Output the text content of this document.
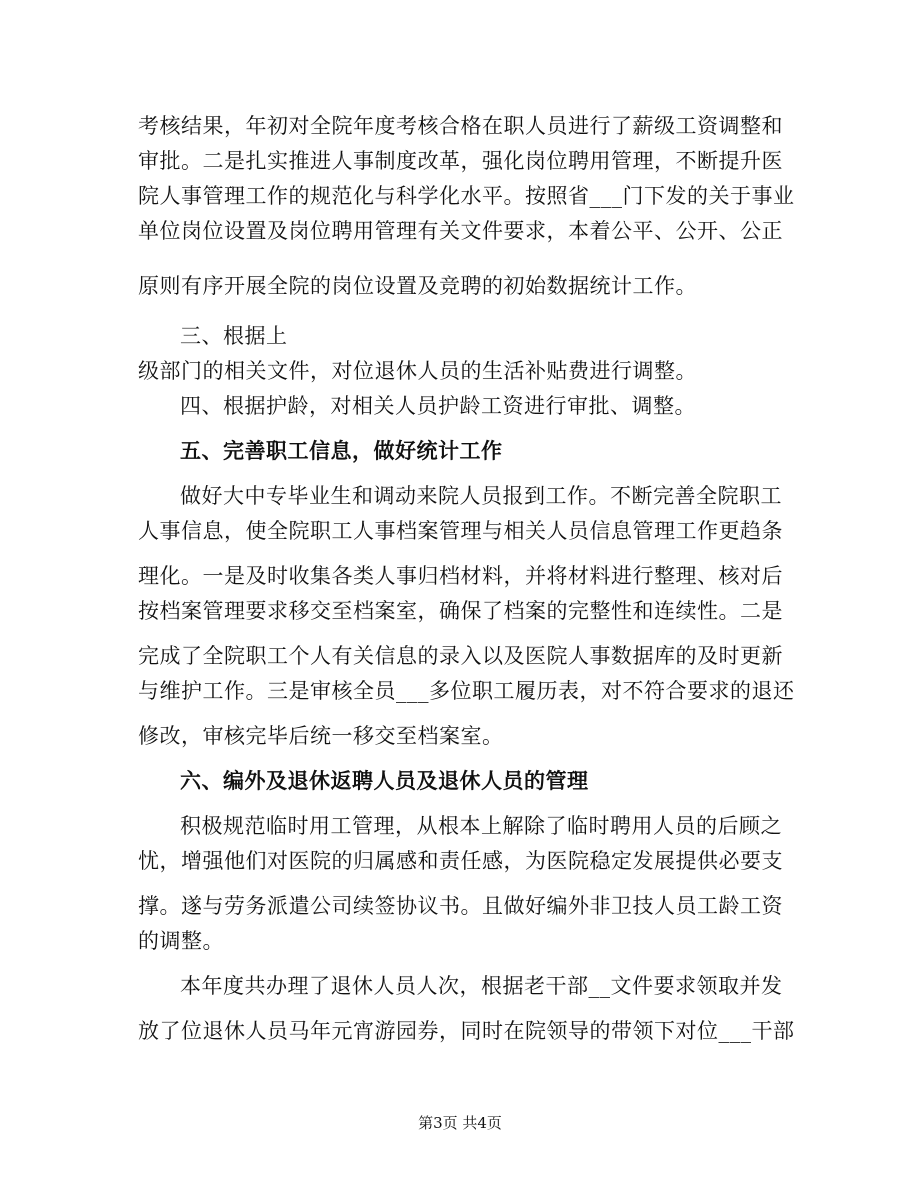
考核结果，年初对全院年度考核合格在职人员进行了薪级工资调整和
审批。二是扎实推进人事制度改革，强化岗位聘用管理，不断提升医
院人事管理工作的规范化与科学化水平。按照省___门下发的关于事业
单位岗位设置及岗位聘用管理有关文件要求，本着公平、公开、公正
原则有序开展全院的岗位设置及竞聘的初始数据统计工作。
三、根据上
级部门的相关文件，对位退休人员的生活补贴费进行调整。
四、根据护龄，对相关人员护龄工资进行审批、调整。
五、完善职工信息，做好统计工作
做好大中专毕业生和调动来院人员报到工作。不断完善全院职工
人事信息，使全院职工人事档案管理与相关人员信息管理工作更趋条
理化。一是及时收集各类人事归档材料，并将材料进行整理、核对后
按档案管理要求移交至档案室，确保了档案的完整性和连续性。二是
完成了全院职工个人有关信息的录入以及医院人事数据库的及时更新
与维护工作。三是审核全员___多位职工履历表，对不符合要求的退还
修改，审核完毕后统一移交至档案室。
六、编外及退休返聘人员及退休人员的管理
积极规范临时用工管理，从根本上解除了临时聘用人员的后顾之
忧，增强他们对医院的归属感和责任感，为医院稳定发展提供必要支
撑。遂与劳务派遣公司续签协议书。且做好编外非卫技人员工龄工资
的调整。
本年度共办理了退休人员人次，根据老干部__文件要求领取并发
放了位退休人员马年元宵游园券，同时在院领导的带领下对位___干部
第3页 共4页
